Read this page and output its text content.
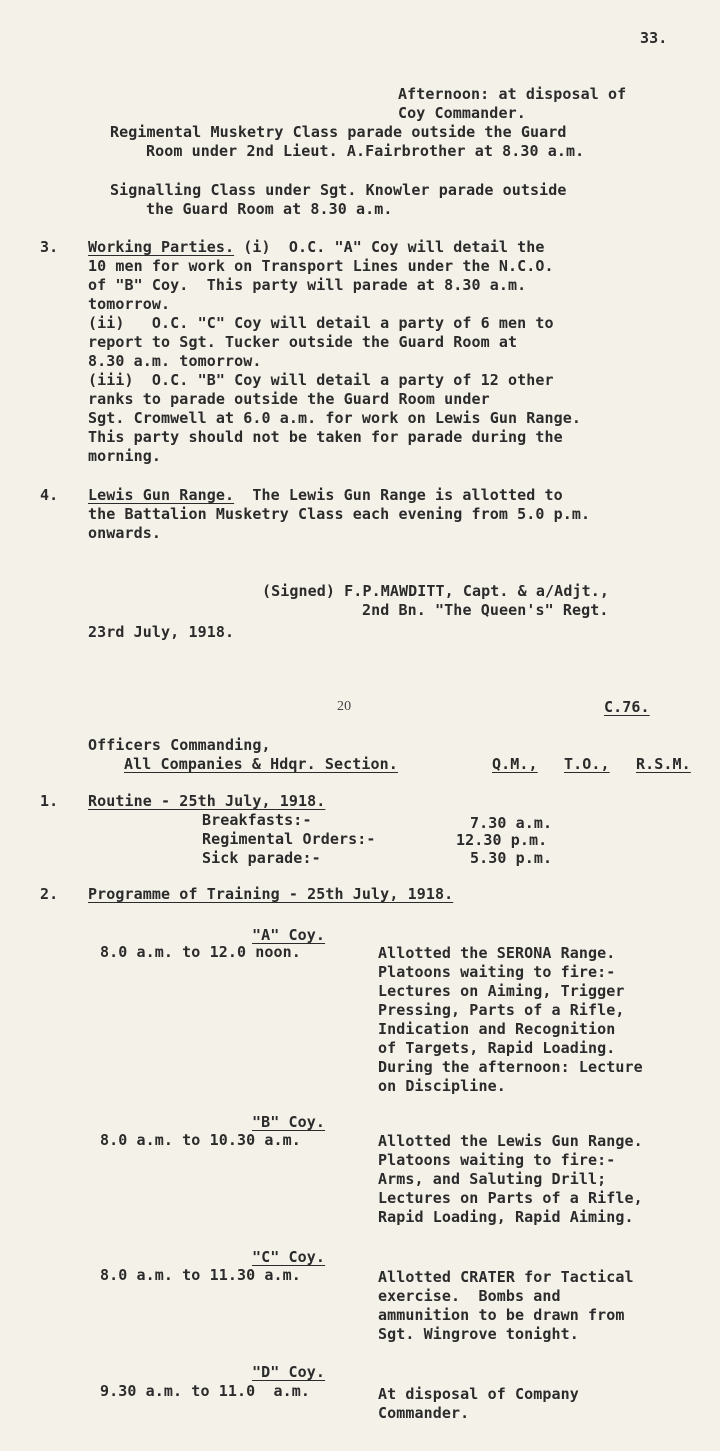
33.
Afternoon: at disposal of
Coy Commander.
Regimental Musketry Class parade outside the Guard
Room under 2nd Lieut. A.Fairbrother at 8.30 a.m.
Signalling Class under Sgt. Knowler parade outside
the Guard Room at 8.30 a.m.
3. Working Parties. (i)  O.C. "A" Coy will detail the
10 men for work on Transport Lines under the N.C.O.
of "B" Coy.  This party will parade at 8.30 a.m.
tomorrow.
(ii)   O.C. "C" Coy will detail a party of 6 men to
report to Sgt. Tucker outside the Guard Room at
8.30 a.m. tomorrow.
(iii)  O.C. "B" Coy will detail a party of 12 other
ranks to parade outside the Guard Room under
Sgt. Cromwell at 6.0 a.m. for work on Lewis Gun Range.
This party should not be taken for parade during the
morning.
4. Lewis Gun Range.  The Lewis Gun Range is allotted to
the Battalion Musketry Class each evening from 5.0 p.m.
onwards.
(Signed) F.P.MAWDITT, Capt. & a/Adjt.,
2nd Bn. "The Queen's" Regt.
23rd July, 1918.
20	C.76.
Officers Commanding,
All Companies & Hdqr. Section.	Q.M., T.O., R.S.M.
1. Routine - 25th July, 1918.
Breakfasts:-	7.30 a.m.
Regimental Orders:-	12.30 p.m.
Sick parade:-	5.30 p.m.
2. Programme of Training - 25th July, 1918.
"A" Coy.
8.0 a.m. to 12.0 noon.	Allotted the SERONA Range.
Platoons waiting to fire:-
Lectures on Aiming, Trigger
Pressing, Parts of a Rifle,
Indication and Recognition
of Targets, Rapid Loading.
During the afternoon: Lecture
on Discipline.
"B" Coy.
8.0 a.m. to 10.30 a.m.	Allotted the Lewis Gun Range.
Platoons waiting to fire:-
Arms, and Saluting Drill;
Lectures on Parts of a Rifle,
Rapid Loading, Rapid Aiming.
"C" Coy.
8.0 a.m. to 11.30 a.m.	Allotted CRATER for Tactical
exercise.  Bombs and
ammunition to be drawn from
Sgt. Wingrove tonight.
"D" Coy.
9.30 a.m. to 11.0  a.m.	At disposal of Company
Commander.
